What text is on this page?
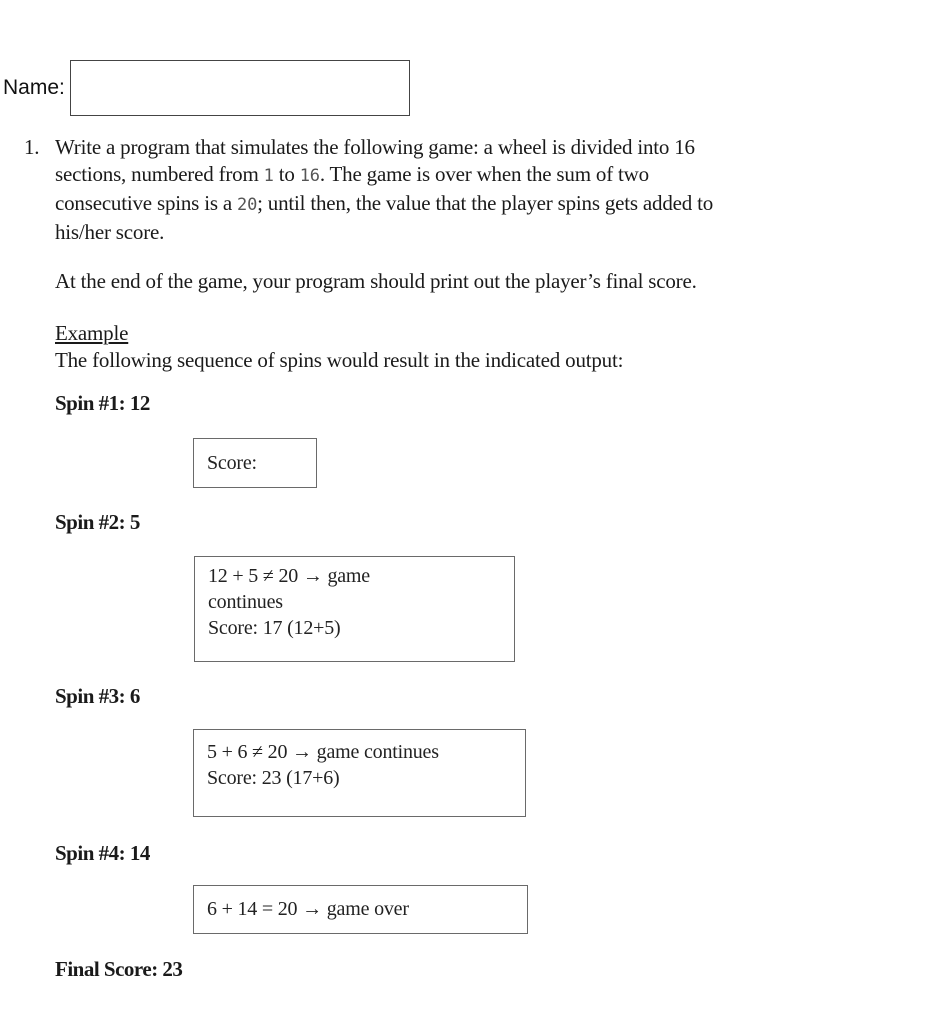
Name:
1. Write a program that simulates the following game: a wheel is divided into 16
sections, numbered from 1 to 16. The game is over when the sum of two
consecutive spins is a 20; until then, the value that the player spins gets added to
his/her score.
At the end of the game, your program should print out the player’s final score.
Example
The following sequence of spins would result in the indicated output:
Spin #1: 12
Score:
Spin #2: 5
12 + 5 ≠ 20 → game
continues
Score: 17 (12+5)
Spin #3: 6
5 + 6 ≠ 20 → game continues
Score: 23 (17+6)
Spin #4: 14
6 + 14 = 20 → game over
Final Score: 23
